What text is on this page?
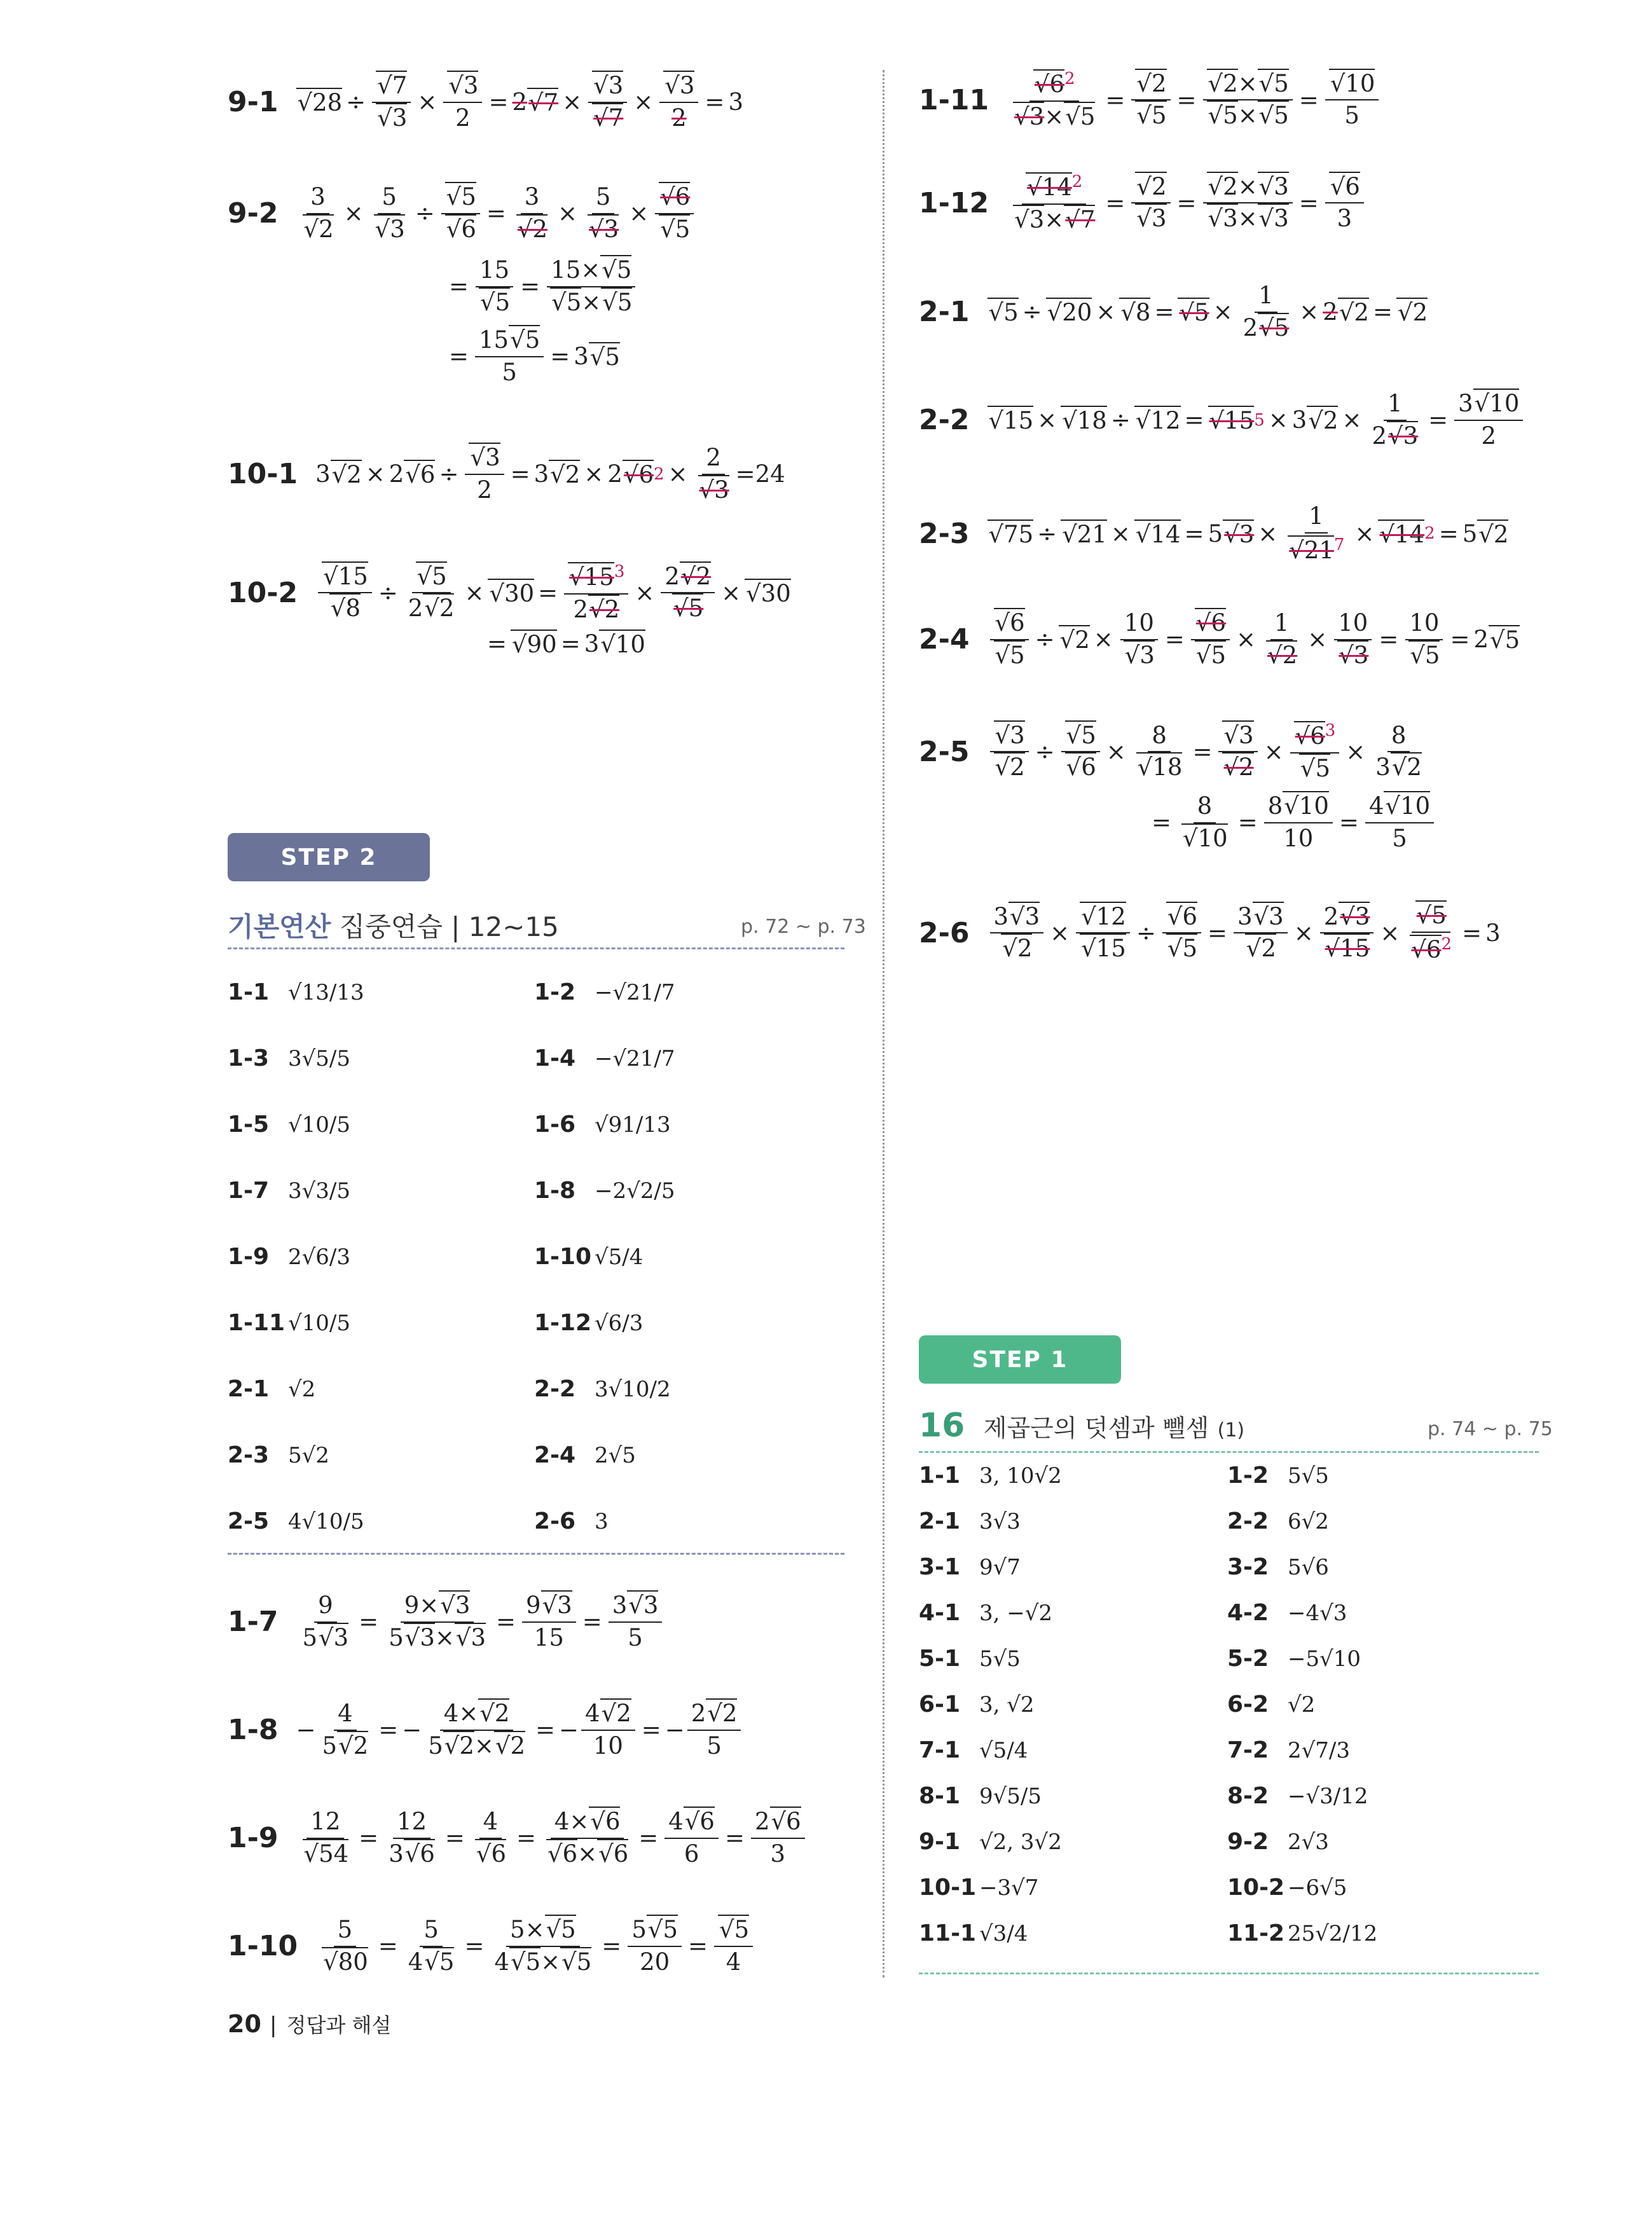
9-1	√ 28 ÷ √ 7
√ 3 × √ $\frac{3}{2} = 2$ √ 7 × √ 3
√ 7 × √ $\frac{3}{2} = 3$
9-2 3
√ 2 × 5
√ 3 ÷ √ 5
√ 6 = 3
√ 2 × 5
√ 3 × √ 6
√ 5
= 15
√ 5 = 15× √ 5
√ 5× √ 5
= $\frac{15 √ 5}{5} = 3$ √ 5
10-1 3 √ 2 × 2 √ 6 ÷ √ $\frac{3}{2} = 3$ √ 2 × 2 √ 6 2 × 2
√ 3 =24
10-2 √ 15
√ 8 ÷ √ $\frac{5}{2 √ 2}$ × √ 30 = √ $\frac{15^3}{2 √ 2} \times 2$ √ 2
√ 5 × √ 30
= √ 90 = 3 √ 10
STEP 2
기본연산 집중연습 | 12~15	p. 72 ~ p. 73
1-1 √13/13	1-2 −√21/7
1-3 3√5/5	1-4 −√21/7
1-5 √10/5	1-6 √91/13
1-7 3√3/5	1-8 −2√2/5
1-9 2√6/3	1-10 √5/4
1-11 √10/5	1-12 √6/3
2-1 √2	2-2 3√10/2
2-3 5√2	2-4 2√5
2-5 4√10/5	2-6 3
$1-7 \frac{9}{5 √ 3} = \frac{9\times √ 3}{5 √ 3\times √ 3} = \frac{9 √ 3}{15} = \frac{3 √ 3}{5}$
$1-8 - \frac{4}{5 √ 2}$ = − $\frac{4\times √ 2}{5 √ 2\times √ 2}$ = − $\frac{4 √ 2}{10}$ = − $\frac{2 √ 2}{5}$
1-9 12
√ $54 = \frac{12}{3 √ 6} = 4$
√ 6 = 4× √ 6
√ 6× √ $6 = \frac{4 √ 6}{6} = \frac{2 √ 6}{3}$
1-10 5
√ $80 = \frac{5}{4 √ 5} = \frac{5\times √ 5}{4 √ 5\times √ 5} = \frac{5 √ 5}{20}$ = √ $\frac{5}{4}$
20 | 정답과 해설
1-11 √ $6^2$
√ 3× √ 5 = √ 2
√ 5 = √ 2× √ 5
√ 5× √ 5 = √ $\frac{10}{5}$
1-12 √ $14^2$
√ 3× √ 7 = √ 2
√ 3 = √ 2× √ 3
√ 3× √ 3 = √ $\frac{6}{3}$
2-1	√ 5 ÷ √ 20 × √ 8 = √ $5 \times \frac{1}{2 √ 5} \times 2$ √ 2 = √ 2
2-2	√ 15 × √ 18 ÷ √ 12 = √ 15 5 × 3 √ $2 \times \frac{1}{2 √ 3} = \frac{3 √ 10}{2}$
2-3	√ 75 ÷ √ 21 × √ 14 = 5 √ 3 × 1
√ $21^7$ × √ 14 2 = 5 √ 2
2-4 √ 6
√ 5 ÷ √ 2 × 10
√ 3 = √ 6
√ 5 × 1
√ 2 × 10
√ 3 = 10
√ 5 = 2 √ 5
2-5 √ 3
√ 2 ÷ √ 5
√ 6 × 8
√ 18 = √ 3
√ 2 × √ $6^3$
√ $5 \times \frac{8}{3 √ 2}$
= 8
√ $10 = \frac{8 √ 10}{10} = \frac{4 √ 10}{5}$
2-6 3 √ 3
√ 2 × √ 12
√ 15 ÷ √ 6
√ 5 = 3 √ 3
√ 2 × 2 √ 3
√ 15 × √ 5
√ $6^2 = 3$
STEP 1
16 제곱근의 덧셈과 뺄셈 (1)	p. 74 ~ p. 75
1-1 3, 10√2	1-2 5√5
2-1 3√3	2-2 6√2
3-1 9√7	3-2 5√6
4-1 3, −√2	4-2 −4√3
5-1 5√5	5-2 −5√10
6-1 3, √2	6-2 √2
7-1 √5/4	7-2 2√7/3
8-1 9√5/5	8-2 −√3/12
9-1 √2, 3√2	9-2 2√3
10-1 −3√7	10-2 −6√5
11-1 √3/4	11-2 25√2/12
